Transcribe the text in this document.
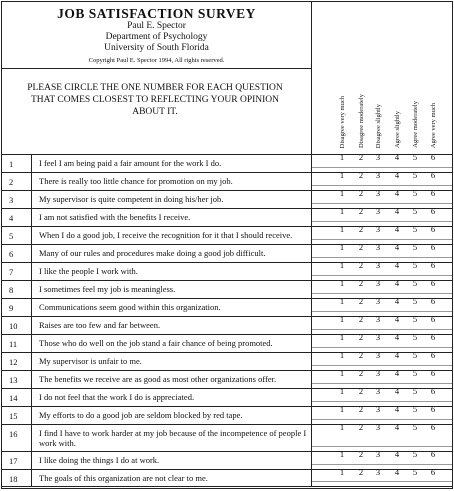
JOB SATISFACTION SURVEY
Paul E. Spector
Department of Psychology
University of South Florida
Copyright Paul E. Spector 1994, All rights reserved.
PLEASE CIRCLE THE ONE NUMBER FOR EACH QUESTION THAT COMES CLOSEST TO REFLECTING YOUR OPINION ABOUT IT.	Disagree very much Disagree moderately Disagree slightly Agree slightly Agree moderately Agree very much
1	I feel I am being paid a fair amount for the work I do.
1	2	3	4	5	6
2	There is really too little chance for promotion on my job.
1	2	3	4	5	6
3	My supervisor is quite competent in doing his/her job.
1	2	3	4	5	6
4	I am not satisfied with the benefits I receive.
1	2	3	4	5	6
5	When I do a good job, I receive the recognition for it that I should receive.
1	2	3	4	5	6
6	Many of our rules and procedures make doing a good job difficult.
1	2	3	4	5	6
7	I like the people I work with.
1	2	3	4	5	6
8	I sometimes feel my job is meaningless.
1	2	3	4	5	6
9	Communications seem good within this organization.
1	2	3	4	5	6
10	Raises are too few and far between.
1	2	3	4	5	6
11	Those who do well on the job stand a fair chance of being promoted.
1	2	3	4	5	6
12	My supervisor is unfair to me.
1	2	3	4	5	6
13	The benefits we receive are as good as most other organizations offer.
1	2	3	4	5	6
14	I do not feel that the work I do is appreciated.
1	2	3	4	5	6
15	My efforts to do a good job are seldom blocked by red tape.
1	2	3	4	5	6
16	I find I have to work harder at my job because of the incompetence of people I work with.
1	2	3	4	5	6
17	I like doing the things I do at work.
1	2	3	4	5	6
18	The goals of this organization are not clear to me.
1	2	3	4	5	6
